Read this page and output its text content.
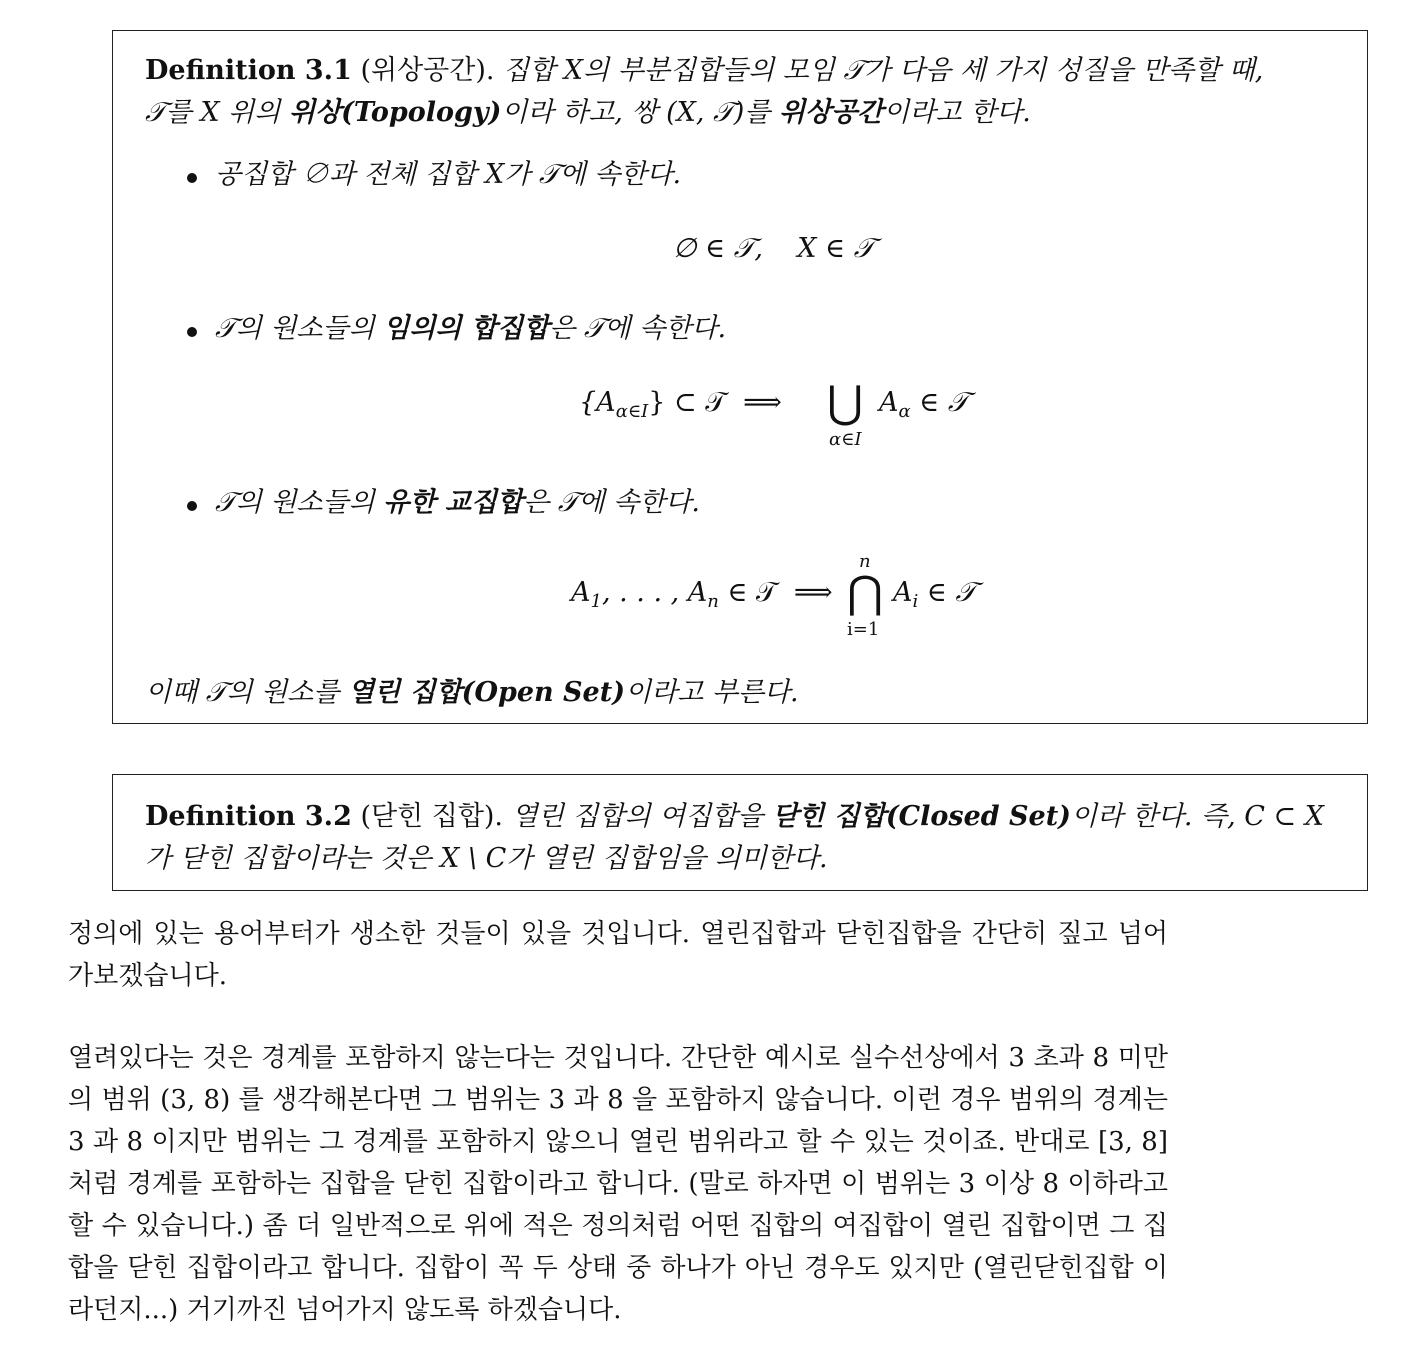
Definition 3.1 (위상공간). 집합 X의 부분집합들의 모임 𝒯가 다음 세 가지 성질을 만족할 때,
𝒯를 X 위의 위상(Topology)이라 하고, 쌍 (X, 𝒯)를 위상공간이라고 한다.
공집합 ∅과 전체 집합 X가 𝒯에 속한다.
∅ ∈ 𝒯,    X ∈ 𝒯
𝒯의 원소들의 임의의 합집합은 𝒯에 속한다.
$\{A_{\alpha\in I}\}$ ⊂ 𝒯  ⟹ ⋃
α∈I
$A_\alpha$ ∈ 𝒯
𝒯의 원소들의 유한 교집합은 𝒯에 속한다.
$A_1$, . . . , $A_n$ ∈ 𝒯  ⟹
n
⋂
i=1
$A_i$ ∈ 𝒯
이때 𝒯의 원소를 열린 집합(Open Set)이라고 부른다.
Definition 3.2 (닫힌 집합). 열린 집합의 여집합을 닫힌 집합(Closed Set)이라 한다. 즉, C ⊂ X
가 닫힌 집합이라는 것은 X \ C가 열린 집합임을 의미한다.
정의에 있는 용어부터가 생소한 것들이 있을 것입니다. 열린집합과 닫힌집합을 간단히 짚고 넘어가보겠습니다.
열려있다는 것은 경계를 포함하지 않는다는 것입니다. 간단한 예시로 실수선상에서 3 초과 8 미만의 범위 (3, 8) 를 생각해본다면 그 범위는 3 과 8 을 포함하지 않습니다. 이런 경우 범위의 경계는 3 과 8 이지만 범위는 그 경계를 포함하지 않으니 열린 범위라고 할 수 있는 것이죠. 반대로 [3, 8] 처럼 경계를 포함하는 집합을 닫힌 집합이라고 합니다. (말로 하자면 이 범위는 3 이상 8 이하라고 할 수 있습니다.) 좀 더 일반적으로 위에 적은 정의처럼 어떤 집합의 여집합이 열린 집합이면 그 집합을 닫힌 집합이라고 합니다. 집합이 꼭 두 상태 중 하나가 아닌 경우도 있지만 (열린닫힌집합 이라던지...) 거기까진 넘어가지 않도록 하겠습니다.
